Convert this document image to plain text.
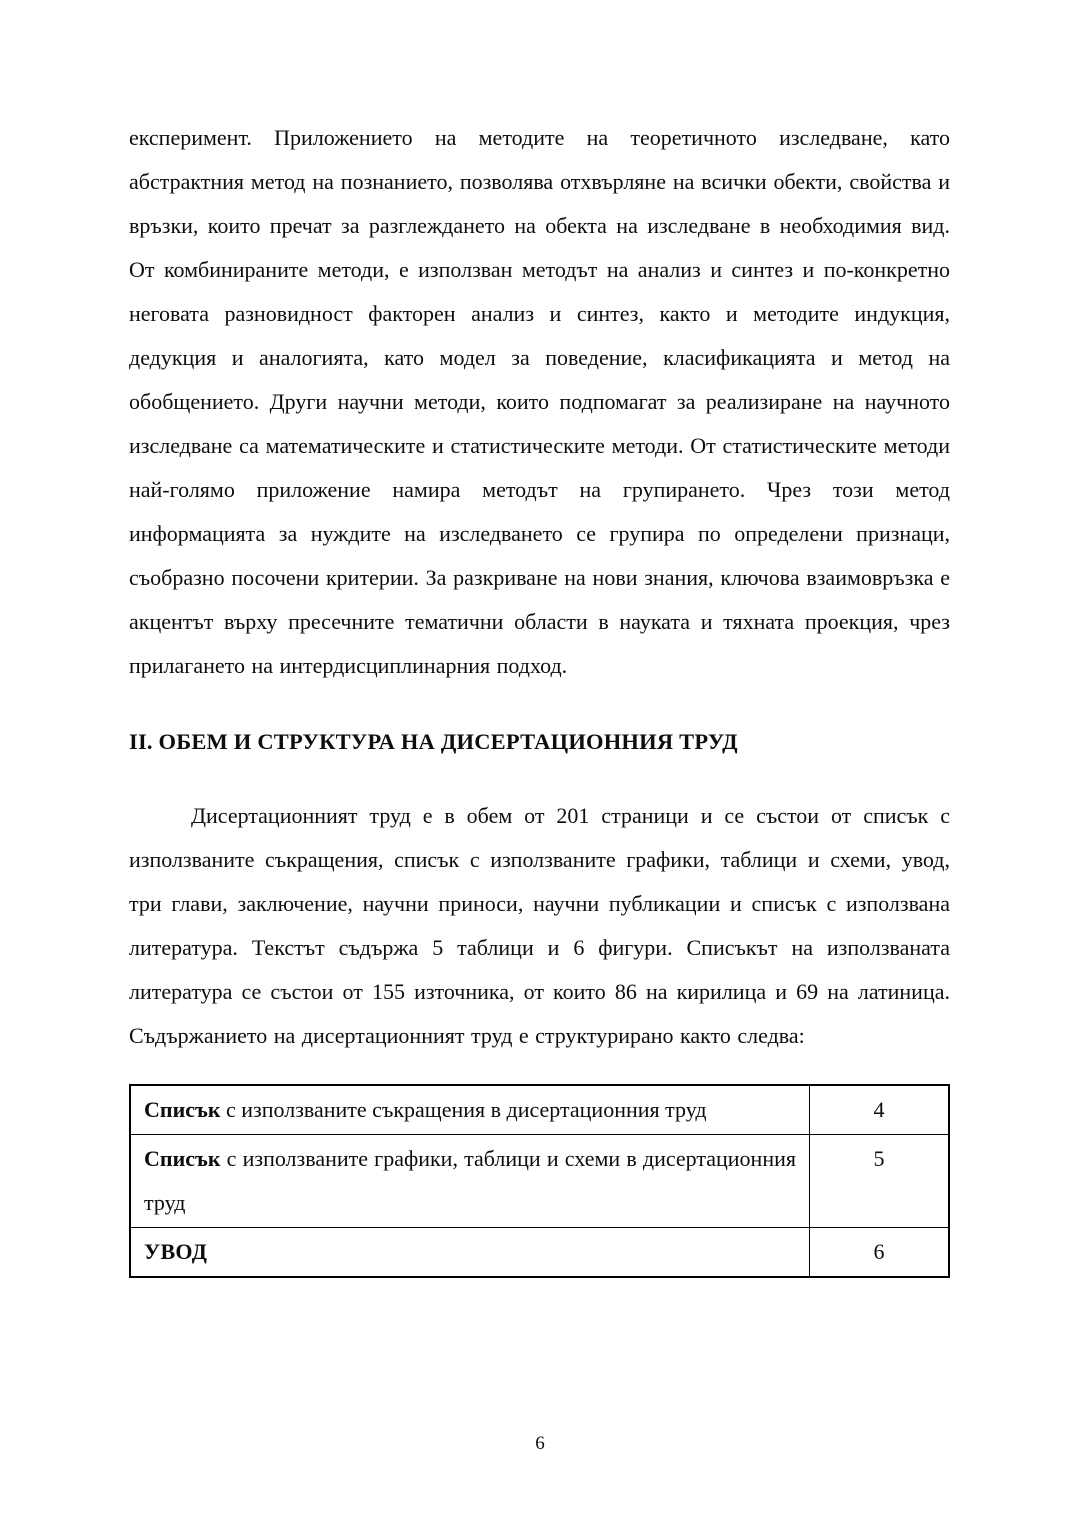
експеримент. Приложението на методите на теоретичното изследване, като абстрактния метод на познанието, позволява отхвърляне на всички обекти, свойства и връзки, които пречат за разглеждането на обекта на изследване в необходимия вид. От комбинираните методи, е използван методът на анализ и синтез и по-конкретно неговата разновидност факторен анализ и синтез, както и методите индукция, дедукция и аналогията, като модел за поведение, класификацията и метод на обобщението. Други научни методи, които подпомагат за реализиране на научното изследване са математическите и статистическите методи. От статистическите методи най-голямо приложение намира методът на групирането. Чрез този метод информацията за нуждите на изследването се групира по определени признаци, съобразно посочени критерии. За разкриване на нови знания, ключова взаимовръзка е акцентът върху пресечните тематични области в науката и тяхната проекция, чрез прилагането на интердисциплинарния подход.

II. ОБЕМ И СТРУКТУРА НА ДИСЕРТАЦИОННИЯ ТРУД

Дисертационният труд е в обем от 201 страници и се състои от списък с използваните съкращения, списък с използваните графики, таблици и схеми, увод, три глави, заключение, научни приноси, научни публикации и списък с използвана литература. Текстът съдържа 5 таблици и 6 фигури. Списъкът на използваната литература се състои от 155 източника, от които 86 на кирилица и 69 на латиница. Съдържанието на дисертационният труд е структурирано както следва:

Списък с използваните съкращения в дисертационния труд	4
Списък с използваните графики, таблици и схеми в дисертационния труд	5
УВОД	6
6
